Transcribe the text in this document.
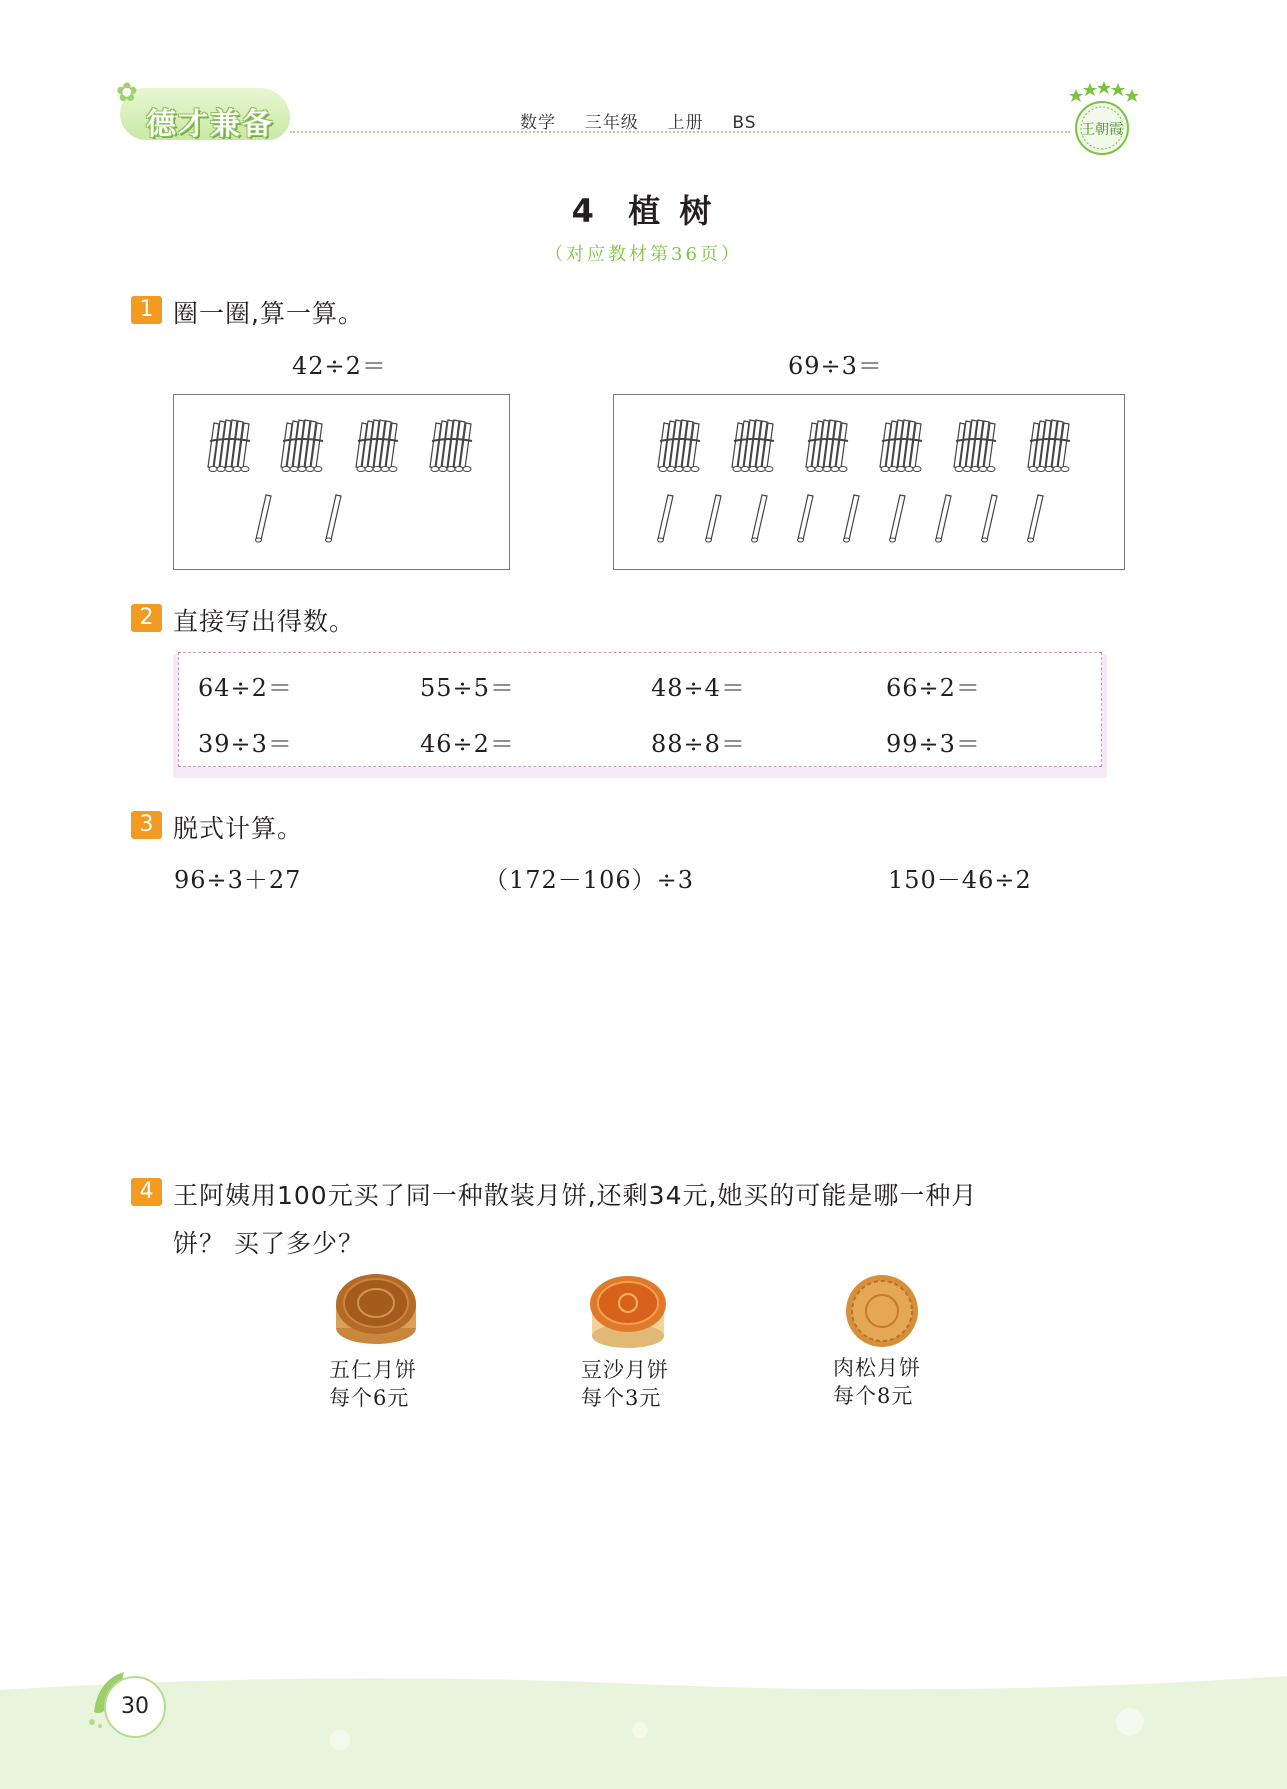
✿
德才兼备	数学  三年级  上册  BS	王朝霞
4  植 树
（对应教材第36页）
1 圈一圈,算一算。
42÷2＝	69÷3＝
2 直接写出得数。
64÷2＝	55÷5＝	48÷4＝	66÷2＝
39÷3＝	46÷2＝	88÷8＝	99÷3＝
3 脱式计算。
96÷3＋27	（172－106）÷3	150－46÷2
4 王阿姨用100元买了同一种散装月饼,还剩34元,她买的可能是哪一种月
饼？ 买了多少？
五仁月饼
每个6元
豆沙月饼
每个3元
肉松月饼
每个8元
30
